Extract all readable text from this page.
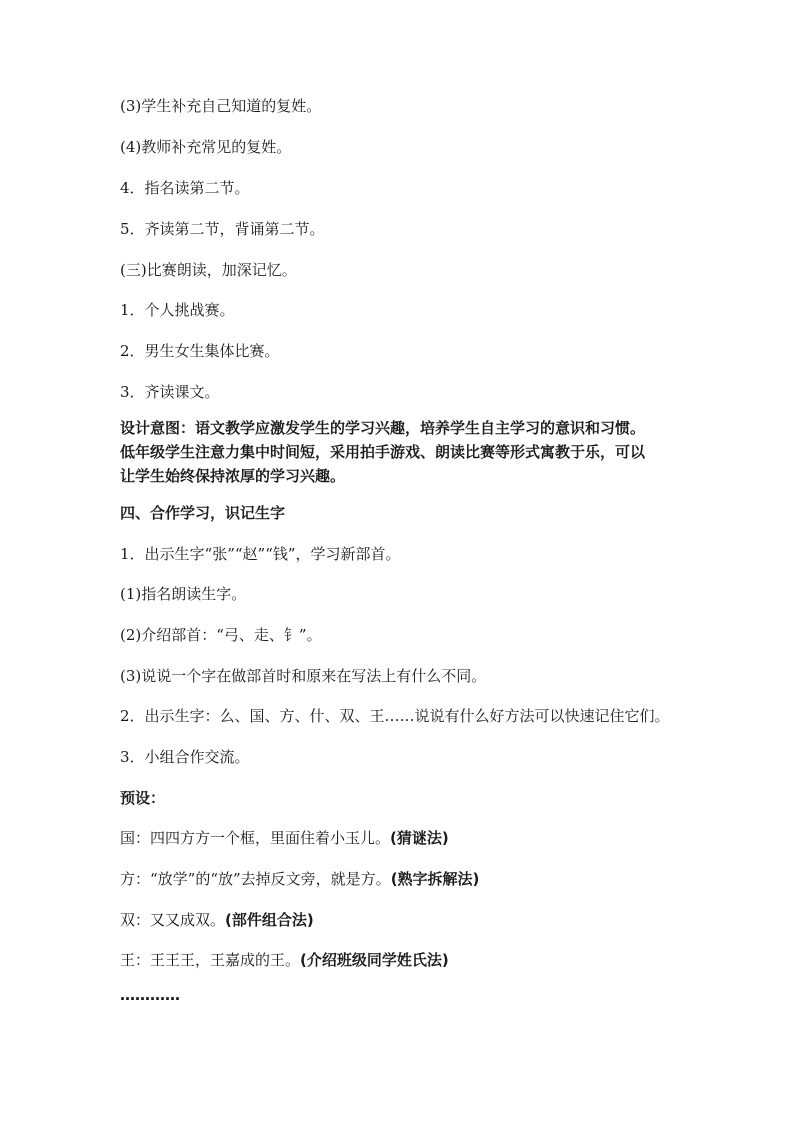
(3)学生补充自己知道的复姓。
(4)教师补充常见的复姓。
4．指名读第二节。
5．齐读第二节，背诵第二节。
(三)比赛朗读，加深记忆。
1．个人挑战赛。
2．男生女生集体比赛。
3．齐读课文。
设计意图：语文教学应激发学生的学习兴趣，培养学生自主学习的意识和习惯。
低年级学生注意力集中时间短，采用拍手游戏、朗读比赛等形式寓教于乐，可以
让学生始终保持浓厚的学习兴趣。
四、合作学习，识记生字
1．出示生字“张”“赵”“钱”，学习新部首。
(1)指名朗读生字。
(2)介绍部首：“弓、走、钅”。
(3)说说一个字在做部首时和原来在写法上有什么不同。
2．出示生字：么、国、方、什、双、王……说说有什么好方法可以快速记住它们。
3．小组合作交流。
预设：
国：四四方方一个框，里面住着小玉儿。(猜谜法)
方：“放学”的“放”去掉反文旁，就是方。(熟字拆解法)
双：又又成双。(部件组合法)
王：王王王，王嘉成的王。(介绍班级同学姓氏法)
…………
